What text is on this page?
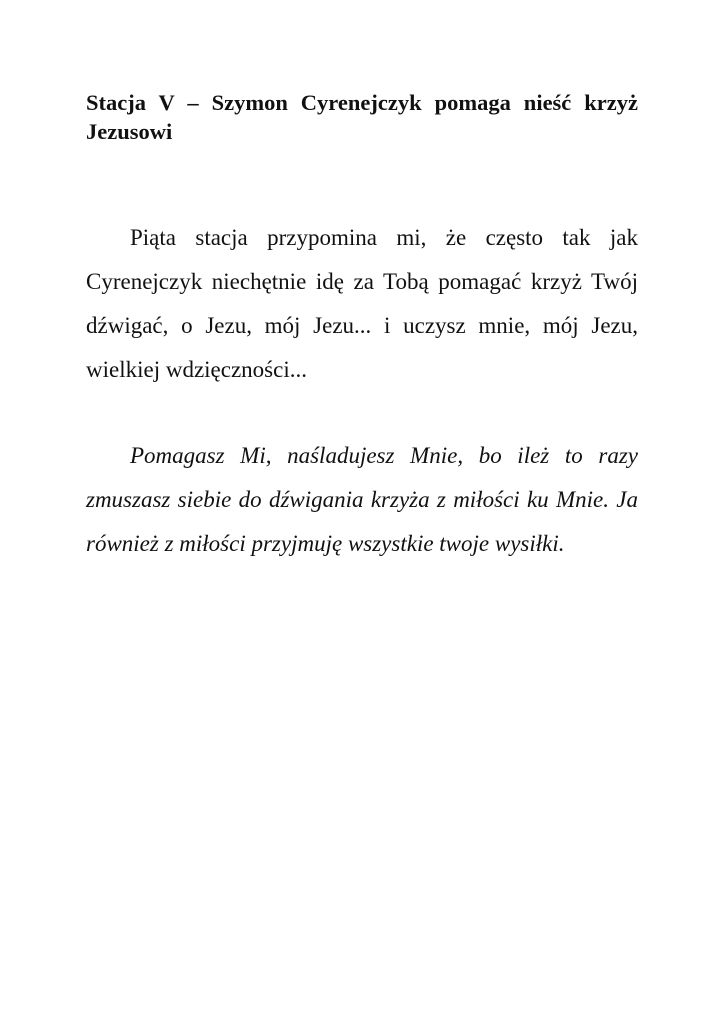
Stacja V – Szymon Cyrenejczyk pomaga nieść krzyż Jezusowi

Piąta stacja przypomina mi, że często tak jak Cyrenejczyk niechętnie idę za Tobą pomagać krzyż Twój dźwigać, o Jezu, mój Jezu... i uczysz mnie, mój Jezu, wielkiej wdzięczności...

Pomagasz Mi, naśladujesz Mnie, bo ileż to razy zmuszasz siebie do dźwigania krzyża z miłości ku Mnie. Ja również z miłości przyjmuję wszystkie twoje wysiłki.
